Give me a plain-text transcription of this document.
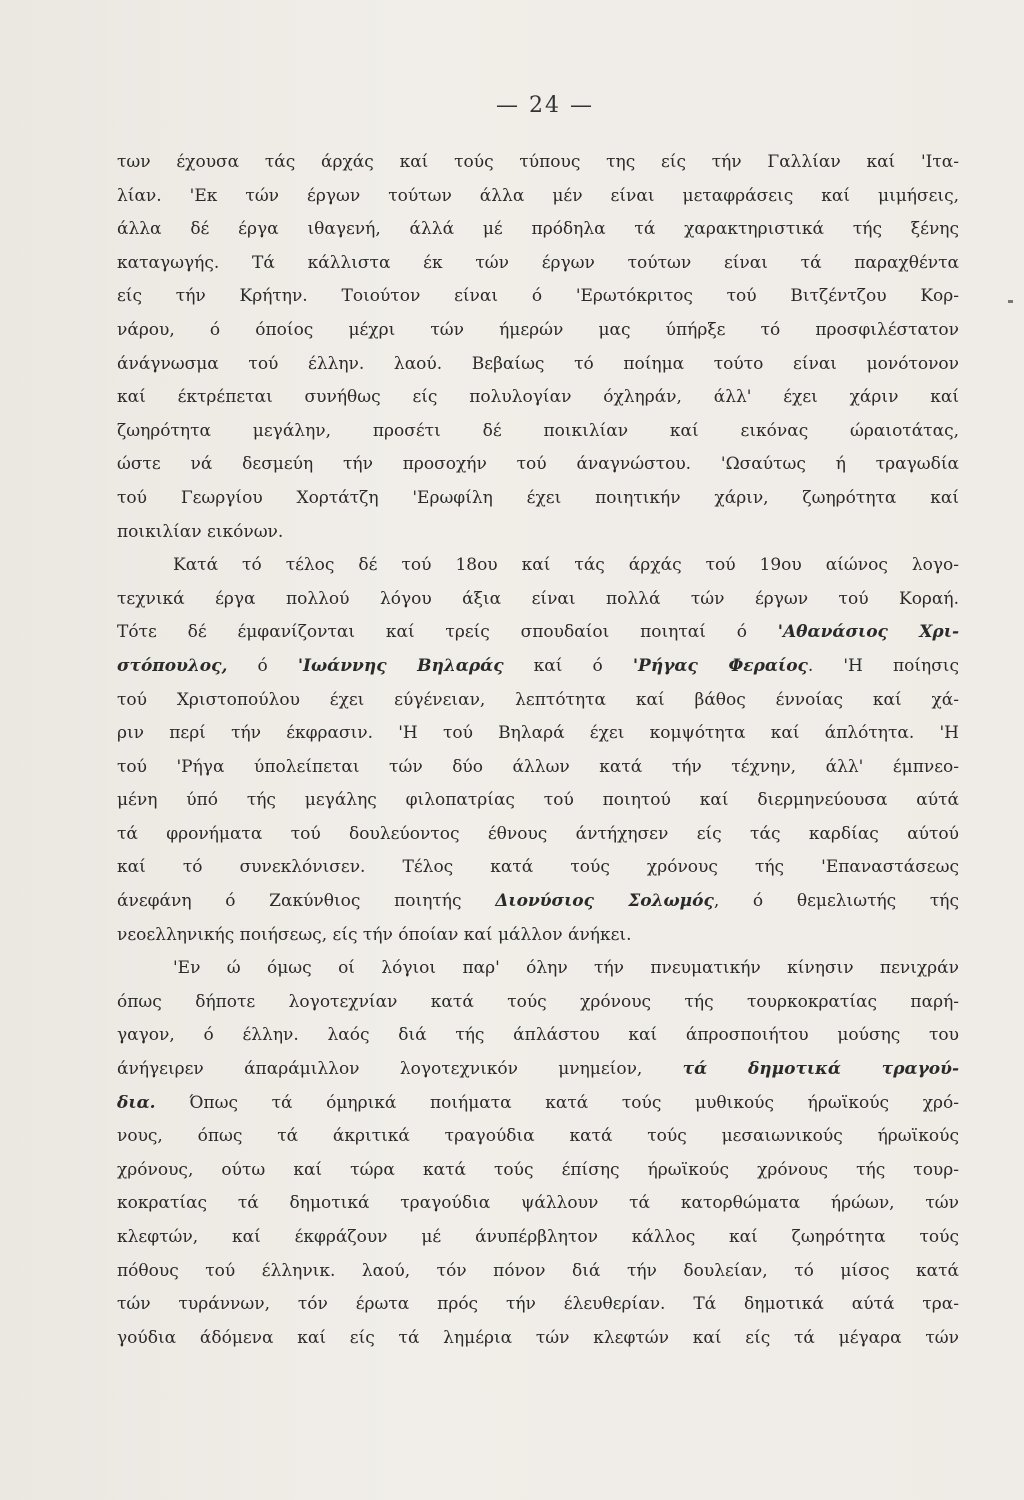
— 24 —
των έχουσα τάς άρχάς καί τούς τύπους της είς τήν Γαλλίαν καί 'Ιτα-
λίαν. 'Εκ τών έργων τούτων άλλα μέν είναι μεταφράσεις καί μιμήσεις,
άλλα δέ έργα ιθαγενή, άλλά μέ πρόδηλα τά χαρακτηριστικά τής ξένης
καταγωγής. Τά κάλλιστα έκ τών έργων τούτων είναι τά παραχθέντα
είς τήν Κρήτην. Τοιούτον είναι ό 'Ερωτόκριτος τού Βιτζέντζου Κορ-
νάρου, ό όποίος μέχρι τών ήμερών μας ύπήρξε τό προσφιλέστατον
άνάγνωσμα τού έλλην. λαού. Βεβαίως τό ποίημα τούτο είναι μονότονον
καί έκτρέπεται συνήθως είς πολυλογίαν όχληράν, άλλ' έχει χάριν καί
ζωηρότητα μεγάλην, προσέτι δέ ποικιλίαν καί εικόνας ώραιοτάτας,
ώστε νά δεσμεύη τήν προσοχήν τού άναγνώστου. 'Ωσαύτως ή τραγωδία
τού Γεωργίου Χορτάτζη 'Ερωφίλη έχει ποιητικήν χάριν, ζωηρότητα καί
ποικιλίαν εικόνων.
Κατά τό τέλος δέ τού 18ου καί τάς άρχάς τού 19ου αίώνος λογο-
τεχνικά έργα πολλού λόγου άξια είναι πολλά τών έργων τού Κοραή.
Τότε δέ έμφανίζονται καί τρείς σπουδαίοι ποιηταί ό 'Αθανάσιος Χρι-
στόπουλος, ό 'Ιωάννης Βηλαράς καί ό 'Ρήγας Φεραίος. 'Η ποίησις
τού Χριστοπούλου έχει εύγένειαν, λεπτότητα καί βάθος έννοίας καί χά-
ριν περί τήν έκφρασιν. 'Η τού Βηλαρά έχει κομψότητα καί άπλότητα. 'Η
τού 'Ρήγα ύπολείπεται τών δύο άλλων κατά τήν τέχνην, άλλ' έμπνεο-
μένη ύπό τής μεγάλης φιλοπατρίας τού ποιητού καί διερμηνεύουσα αύτά
τά φρονήματα τού δουλεύοντος έθνους άντήχησεν είς τάς καρδίας αύτού
καί τό συνεκλόνισεν. Τέλος κατά τούς χρόνους τής 'Επαναστάσεως
άνεφάνη ό Ζακύνθιος ποιητής Διονύσιος Σολωμός, ό θεμελιωτής τής
νεοελληνικής ποιήσεως, είς τήν όποίαν καί μάλλον άνήκει.
'Εν ώ όμως οί λόγιοι παρ' όλην τήν πνευματικήν κίνησιν πενιχράν
όπως δήποτε λογοτεχνίαν κατά τούς χρόνους τής τουρκοκρατίας παρή-
γαγον, ό έλλην. λαός διά τής άπλάστου καί άπροσποιήτου μούσης του
άνήγειρεν άπαράμιλλον λογοτεχνικόν μνημείον, τά δημοτικά τραγού-
δια. Όπως τά όμηρικά ποιήματα κατά τούς μυθικούς ήρωϊκούς χρό-
νους, όπως τά άκριτικά τραγούδια κατά τούς μεσαιωνικούς ήρωϊκούς
χρόνους, ούτω καί τώρα κατά τούς έπίσης ήρωϊκούς χρόνους τής τουρ-
κοκρατίας τά δημοτικά τραγούδια ψάλλουν τά κατορθώματα ήρώων, τών
κλεφτών, καί έκφράζουν μέ άνυπέρβλητον κάλλος καί ζωηρότητα τούς
πόθους τού έλληνικ. λαού, τόν πόνον διά τήν δουλείαν, τό μίσος κατά
τών τυράννων, τόν έρωτα πρός τήν έλευθερίαν. Τά δημοτικά αύτά τρα-
γούδια άδόμενα καί είς τά λημέρια τών κλεφτών καί είς τά μέγαρα τών
